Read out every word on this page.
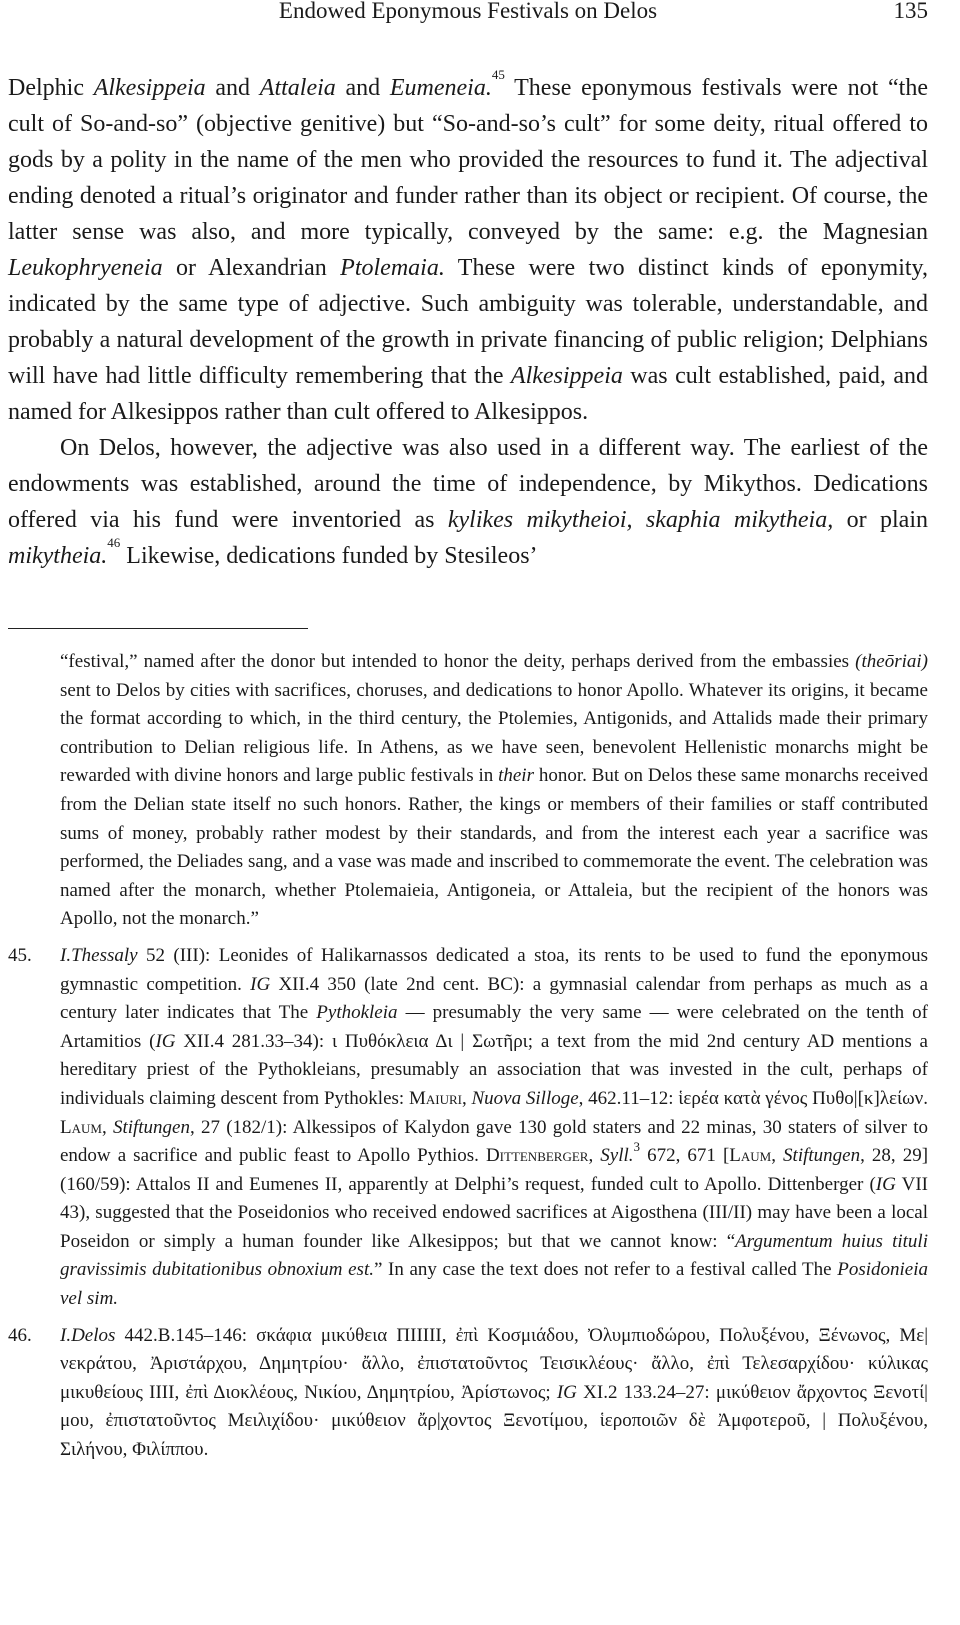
Endowed Eponymous Festivals on Delos	135

Delphic Alkesippeia and Attaleia and Eumeneia.$^{45}$ These eponymous festivals were not “the cult of So-and-so” (objective genitive) but “So-and-so’s cult” for some deity, ritual offered to gods by a polity in the name of the men who provided the resources to fund it. The adjectival ending denoted a ritual’s originator and funder rather than its object or recipient. Of course, the latter sense was also, and more typically, conveyed by the same: e.g. the Magnesian Leukophryeneia or Alexandrian Ptolemaia. These were two distinct kinds of eponymity, indicated by the same type of adjective. Such ambiguity was tolerable, understandable, and probably a natural development of the growth in private financing of public religion; Delphians will have had little difficulty remembering that the Alkesippeia was cult established, paid, and named for Alkesippos rather than cult offered to Alkesippos.

On Delos, however, the adjective was also used in a different way. The earliest of the endowments was established, around the time of independence, by Mikythos. Dedications offered via his fund were inventoried as kylikes mikytheioi, skaphia mikytheia, or plain mikytheia.$^{46}$ Likewise, dedications funded by Stesileos’

“festival,” named after the donor but intended to honor the deity, perhaps derived from the embassies (theōriai) sent to Delos by cities with sacrifices, choruses, and dedications to honor Apollo. Whatever its origins, it became the format according to which, in the third century, the Ptolemies, Antigonids, and Attalids made their primary contribution to Delian religious life. In Athens, as we have seen, benevolent Hellenistic monarchs might be rewarded with divine honors and large public festivals in their honor. But on Delos these same monarchs received from the Delian state itself no such honors. Rather, the kings or members of their families or staff contributed sums of money, probably rather modest by their standards, and from the interest each year a sacrifice was performed, the Deliades sang, and a vase was made and inscribed to commemorate the event. The celebration was named after the monarch, whether Ptolemaieia, Antigoneia, or Attaleia, but the recipient of the honors was Apollo, not the monarch.”

45. I.Thessaly 52 (III): Leonides of Halikarnassos dedicated a stoa, its rents to be used to fund the eponymous gymnastic competition. IG XII.4 350 (late 2nd cent. BC): a gymnasial calendar from perhaps as much as a century later indicates that The Pythokleia — presumably the very same — were celebrated on the tenth of Artamitios (IG XII.4 281.33–34): ι Πυθόκλεια Δι | Σωτῆρι; a text from the mid 2nd century AD mentions a hereditary priest of the Pythokleians, presumably an association that was invested in the cult, perhaps of individuals claiming descent from Pythokles: Maiuri, Nuova Silloge, 462.11–12: ἱερέα κατὰ γένος Πυθο|[κ]λείων. Laum, Stiftungen, 27 (182/1): Alkessipos of Kalydon gave 130 gold staters and 22 minas, 30 staters of silver to endow a sacrifice and public feast to Apollo Pythios. Dittenberger, Syll.$^3$ 672, 671 [Laum, Stiftungen, 28, 29] (160/59): Attalos II and Eumenes II, apparently at Delphi’s request, funded cult to Apollo. Dittenberger (IG VII 43), suggested that the Poseidonios who received endowed sacrifices at Aigosthena (III/II) may have been a local Poseidon or simply a human founder like Alkesippos; but that we cannot know: “Argumentum huius tituli gravissimis dubitationibus obnoxium est.” In any case the text does not refer to a festival called The Posidonieia vel sim.

46. I.Delos 442.B.145–146: σκάφια μικύθεια ΠΙΙΙΙΙ, ἐπὶ Κοσμιάδου, Ὀλυμπιοδώρου, Πολυξένου, Ξένωνος, Με|νεκράτου, Ἀριστάρχου, Δημητρίου· ἄλλο, ἐπιστατοῦντος Τεισικλέους· ἄλλο, ἐπὶ Τελεσαρχίδου· κύλικας μικυθείους ΙΙΙΙ, ἐπὶ Διοκλέους, Νικίου, Δημητρίου, Ἀρίστωνος; IG XI.2 133.24–27: μικύθειον ἄρχοντος Ξενοτί|μου, ἐπιστατοῦντος Μειλιχίδου· μικύθειον ἄρ|χοντος Ξενοτίμου, ἱεροποιῶν δὲ Ἀμφοτεροῦ, | Πολυξένου, Σιλήνου, Φιλίππου.
